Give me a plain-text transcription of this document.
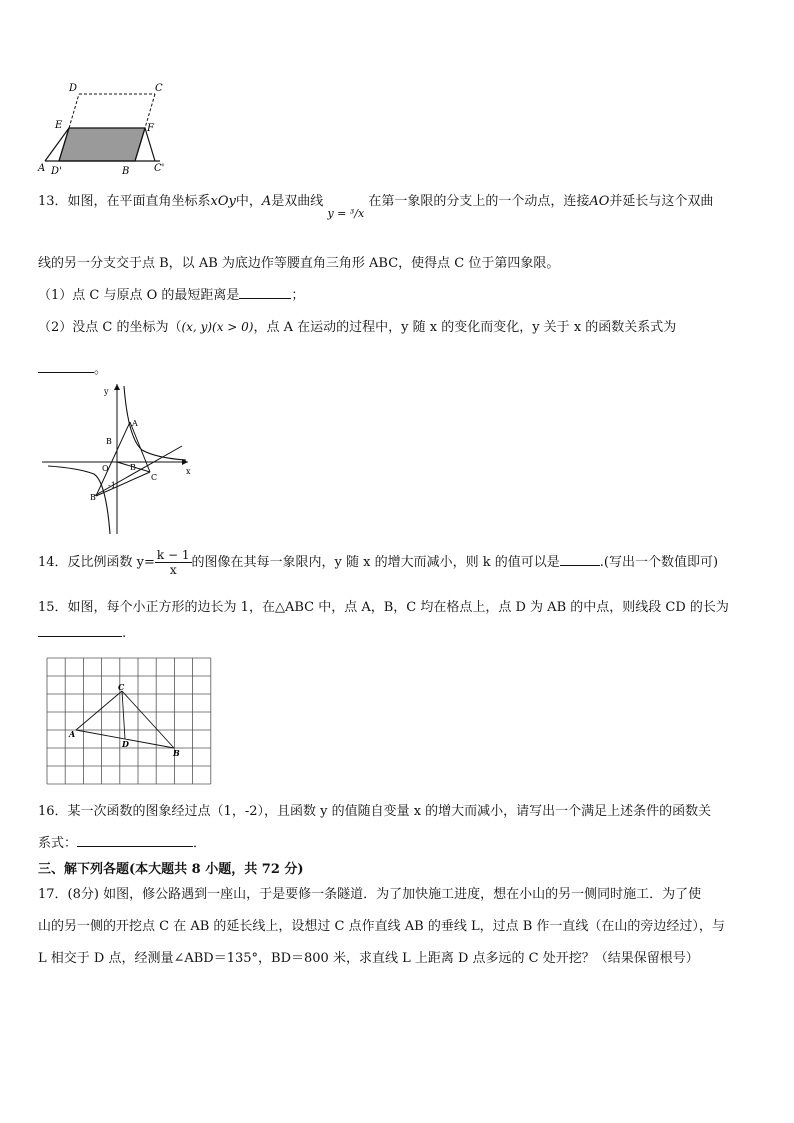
D	C
E	F
A D'	B C'
13．如图，在平面直角坐标系xOy中，A是双曲线 $_{y = ^3/x}$ 在第一象限的分支上的一个动点，连接AO并延长与这个双曲
线的另一分支交于点 B，以 AB 为底边作等腰直角三角形 ABC，使得点 C 位于第四象限。
（1）点 C 与原点 O 的最短距离是	；
（2）没点 C 的坐标为（(x, y)(x > 0)，点 A 在运动的过程中，y 随 x 的变化而变化，y 关于 x 的函数关系式为
。
y
x
A
B
O	B
C
-1
B
14．反比例函数 $y= \frac{k - 1}{x}$ 的图像在其每一象限内，y 随 x 的增大而减小，则 k 的值可以是	.(写出一个数值即可)
15．如图，每个小正方形的边长为 1，在△ABC 中，点 A，B，C 均在格点上，点 D 为 AB 的中点，则线段 CD 的长为
.
C
A
D
B
16．某一次函数的图象经过点（1，-2），且函数 y 的值随自变量 x 的增大而减小，请写出一个满足上述条件的函数关
系式：	．
三、解下列各题(本大题共 8 小题，共 72 分)
17．(8分) 如图，修公路遇到一座山，于是要修一条隧道．为了加快施工进度，想在小山的另一侧同时施工．为了使
山的另一侧的开挖点 C 在 AB 的延长线上，设想过 C 点作直线 AB 的垂线 L，过点 B 作一直线（在山的旁边经过），与
L 相交于 D 点，经测量∠ABD＝135°，BD＝800 米，求直线 L 上距离 D 点多远的 C 处开挖？（结果保留根号）
